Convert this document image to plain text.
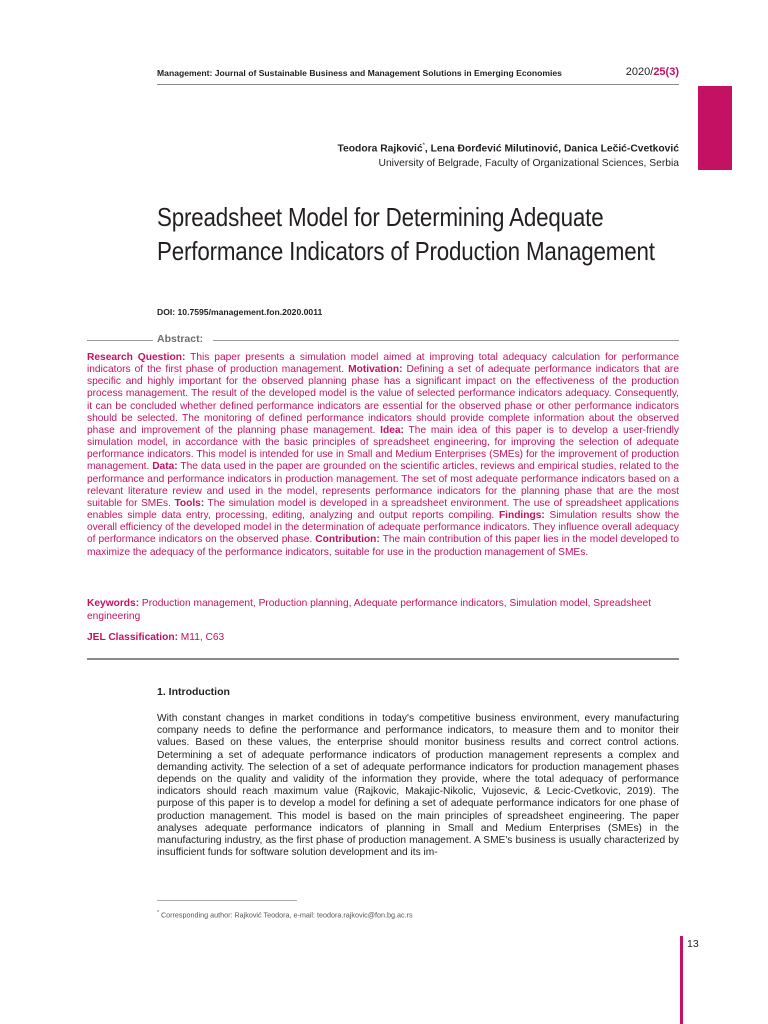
Management: Journal of Sustainable Business and Management Solutions in Emerging Economies	2020/25(3)
Teodora Rajković*, Lena Đorđević Milutinović, Danica Lečić-Cvetković
University of Belgrade, Faculty of Organizational Sciences, Serbia
Spreadsheet Model for Determining Adequate Performance Indicators of Production Management
DOI: 10.7595/management.fon.2020.0011
Abstract:
Research Question: This paper presents a simulation model aimed at improving total adequacy calculation for performance indicators of the first phase of production management. Motivation: Defining a set of adequate performance indicators that are specific and highly important for the observed planning phase has a significant impact on the effectiveness of the production process management. The result of the developed model is the value of selected performance indicators adequacy. Consequently, it can be concluded whether defined performance indicators are essential for the observed phase or other performance indicators should be selected. The monitoring of defined performance indicators should provide complete information about the observed phase and improvement of the planning phase management. Idea: The main idea of this paper is to develop a user-friendly simulation model, in accordance with the basic principles of spreadsheet engineering, for improving the selection of adequate performance indicators. This model is intended for use in Small and Medium Enterprises (SMEs) for the improvement of production management. Data: The data used in the paper are grounded on the scientific articles, reviews and empirical studies, related to the performance and performance indicators in production management. The set of most adequate performance indicators based on a relevant literature review and used in the model, represents performance indicators for the planning phase that are the most suitable for SMEs. Tools: The simulation model is developed in a spreadsheet environment. The use of spreadsheet applications enables simple data entry, processing, editing, analyzing and output reports compiling. Findings: Simulation results show the overall efficiency of the developed model in the determination of adequate performance indicators. They influence overall adequacy of performance indicators on the observed phase. Contribution: The main contribution of this paper lies in the model developed to maximize the adequacy of the performance indicators, suitable for use in the production management of SMEs.
Keywords: Production management, Production planning, Adequate performance indicators, Simulation model, Spreadsheet engineering
JEL Classification: M11, C63
1. Introduction
With constant changes in market conditions in today's competitive business environment, every manufacturing company needs to define the performance and performance indicators, to measure them and to monitor their values. Based on these values, the enterprise should monitor business results and correct control actions. Determining a set of adequate performance indicators of production management represents a complex and demanding activity. The selection of a set of adequate performance indicators for production management phases depends on the quality and validity of the information they provide, where the total adequacy of performance indicators should reach maximum value (Rajkovic, Makajic-Nikolic, Vujosevic, & Lecic-Cvetkovic, 2019). The purpose of this paper is to develop a model for defining a set of adequate performance indicators for one phase of production management. This model is based on the main principles of spreadsheet engineering. The paper analyses adequate performance indicators of planning in Small and Medium Enterprises (SMEs) in the manufacturing industry, as the first phase of production management. A SME's business is usually characterized by insufficient funds for software solution development and its im-
* Corresponding author: Rajković Teodora, e-mail: teodora.rajkovic@fon.bg.ac.rs
13
